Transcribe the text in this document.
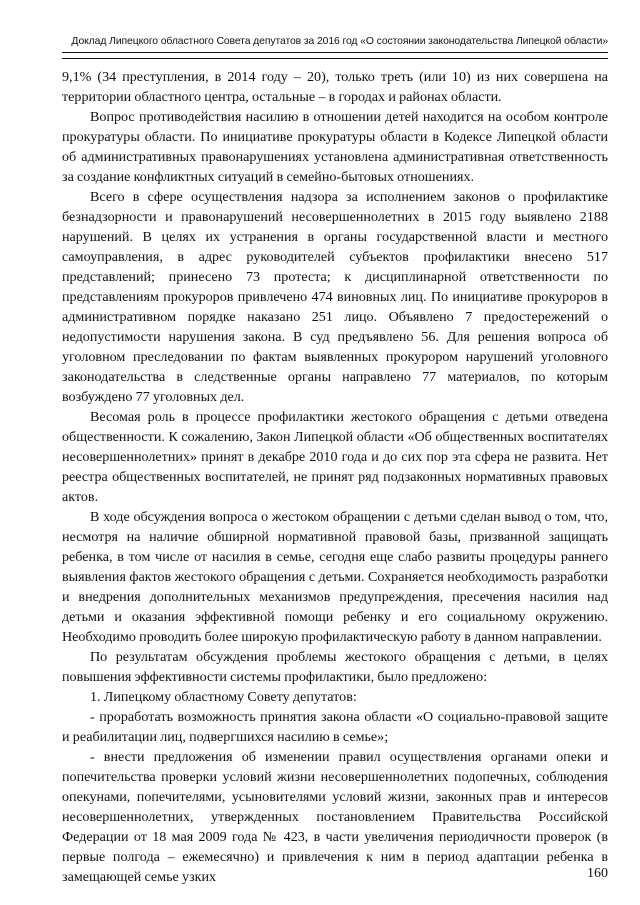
Доклад Липецкого областного Совета депутатов за 2016 год «О состоянии законодательства Липецкой области»

9,1% (34 преступления, в 2014 году – 20), только треть (или 10) из них совершена на территории областного центра, остальные – в городах и районах области.

Вопрос противодействия насилию в отношении детей находится на особом контроле прокуратуры области. По инициативе прокуратуры области в Кодексе Липецкой области об административных правонарушениях установлена административная ответственность за создание конфликтных ситуаций в семейно-бытовых отношениях.

Всего в сфере осуществления надзора за исполнением законов о профилактике безнадзорности и правонарушений несовершеннолетних в 2015 году выявлено 2188 нарушений. В целях их устранения в органы государственной власти и местного самоуправления, в адрес руководителей субъектов профилактики внесено 517 представлений; принесено 73 протеста; к дисциплинарной ответственности по представлениям прокуроров привлечено 474 виновных лиц. По инициативе прокуроров в административном порядке наказано 251 лицо. Объявлено 7 предостережений о недопустимости нарушения закона. В суд предъявлено 56. Для решения вопроса об уголовном преследовании по фактам выявленных прокурором нарушений уголовного законодательства в следственные органы направлено 77 материалов, по которым возбуждено 77 уголовных дел.

Весомая роль в процессе профилактики жестокого обращения с детьми отведена общественности. К сожалению, Закон Липецкой области «Об общественных воспитателях несовершеннолетних» принят в декабре 2010 года и до сих пор эта сфера не развита. Нет реестра общественных воспитателей, не принят ряд подзаконных нормативных правовых актов.

В ходе обсуждения вопроса о жестоком обращении с детьми сделан вывод о том, что, несмотря на наличие обширной нормативной правовой базы, призванной защищать ребенка, в том числе от насилия в семье, сегодня еще слабо развиты процедуры раннего выявления фактов жестокого обращения с детьми. Сохраняется необходимость разработки и внедрения дополнительных механизмов предупреждения, пресечения насилия над детьми и оказания эффективной помощи ребенку и его социальному окружению. Необходимо проводить более широкую профилактическую работу в данном направлении.

По результатам обсуждения проблемы жестокого обращения с детьми, в целях повышения эффективности системы профилактики, было предложено:

1. Липецкому областному Совету депутатов:

- проработать возможность принятия закона области «О социально-правовой защите и реабилитации лиц, подвергшихся насилию в семье»;

- внести предложения об изменении правил осуществления органами опеки и попечительства проверки условий жизни несовершеннолетних подопечных, соблюдения опекунами, попечителями, усыновителями условий жизни, законных прав и интересов несовершеннолетних, утвержденных постановлением Правительства Российской Федерации от 18 мая 2009 года № 423, в части увеличения периодичности проверок (в первые полгода – ежемесячно) и привлечения к ним в период адаптации ребенка в замещающей семье узких	160
